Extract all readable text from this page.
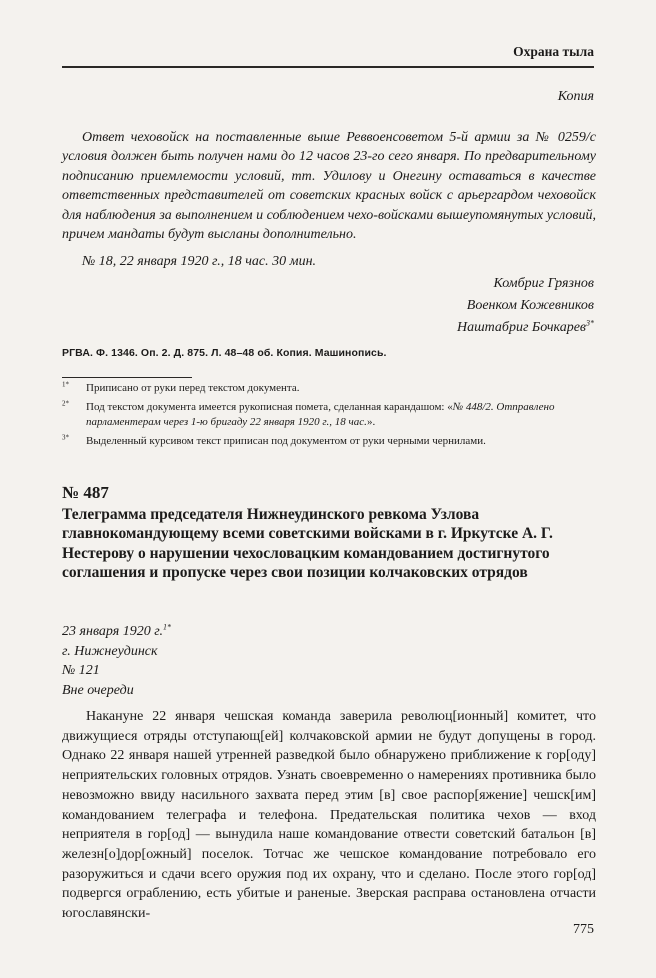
Охрана тыла
Копия

Ответ чеховойск на поставленные выше Реввоенсоветом 5-й армии за № 0259/с условия должен быть получен нами до 12 часов 23-го сего января. По предварительному подписанию приемлемости условий, тт. Удилову и Онегину оставаться в качестве ответственных представителей от советских красных войск с арьергардом чеховойск для наблюдения за выполнением и соблюдением чехо-войсками вышеупомянутых условий, причем мандаты будут высланы дополнительно.

№ 18, 22 января 1920 г., 18 час. 30 мин.
Комбриг Грязнов
Военком Кожевников
Наштабриг Бочкарев$^{3*}$
РГВА. Ф. 1346. Оп. 2. Д. 875. Л. 48–48 об. Копия. Машинопись.
$^{1*}$ Приписано от руки перед текстом документа.
$^{2*}$ Под текстом документа имеется рукописная помета, сделанная карандашом: «№ 448/2. Отправлено парламентерам через 1-ю бригаду 22 января 1920 г., 18 час.».
$^{3*}$ Выделенный курсивом текст приписан под документом от руки черными чернилами.
№ 487

Телеграмма председателя Нижнеудинского ревкома Узлова главнокомандующему всеми советскими войсками в г. Иркутске А. Г. Нестерову о нарушении чехословацким командованием достигнутого соглашения и пропуске через свои позиции колчаковских отрядов

23 января 1920 г.$^{1*}$
г. Нижнеудинск
№ 121
Вне очереди

Накануне 22 января чешская команда заверила революц[ионный] комитет, что движущиеся отряды отступающ[ей] колчаковской армии не будут допущены в город. Однако 22 января нашей утренней разведкой было обнаружено приближение к гор[оду] неприятельских головных отрядов. Узнать своевременно о намерениях противника было невозможно ввиду насильного захвата перед этим [в] свое распор[яжение] чешск[им] командованием телеграфа и телефона. Предательская политика чехов — вход неприятеля в гор[од] — вынудила наше командование отвести советский батальон [в] железн[о]дор[ожный] поселок. Тотчас же чешское командование потребовало его разоружиться и сдачи всего оружия под их охрану, что и сделано. После этого гор[од] подвергся ограблению, есть убитые и раненые. Зверская расправа остановлена отчасти югославянски-

775
